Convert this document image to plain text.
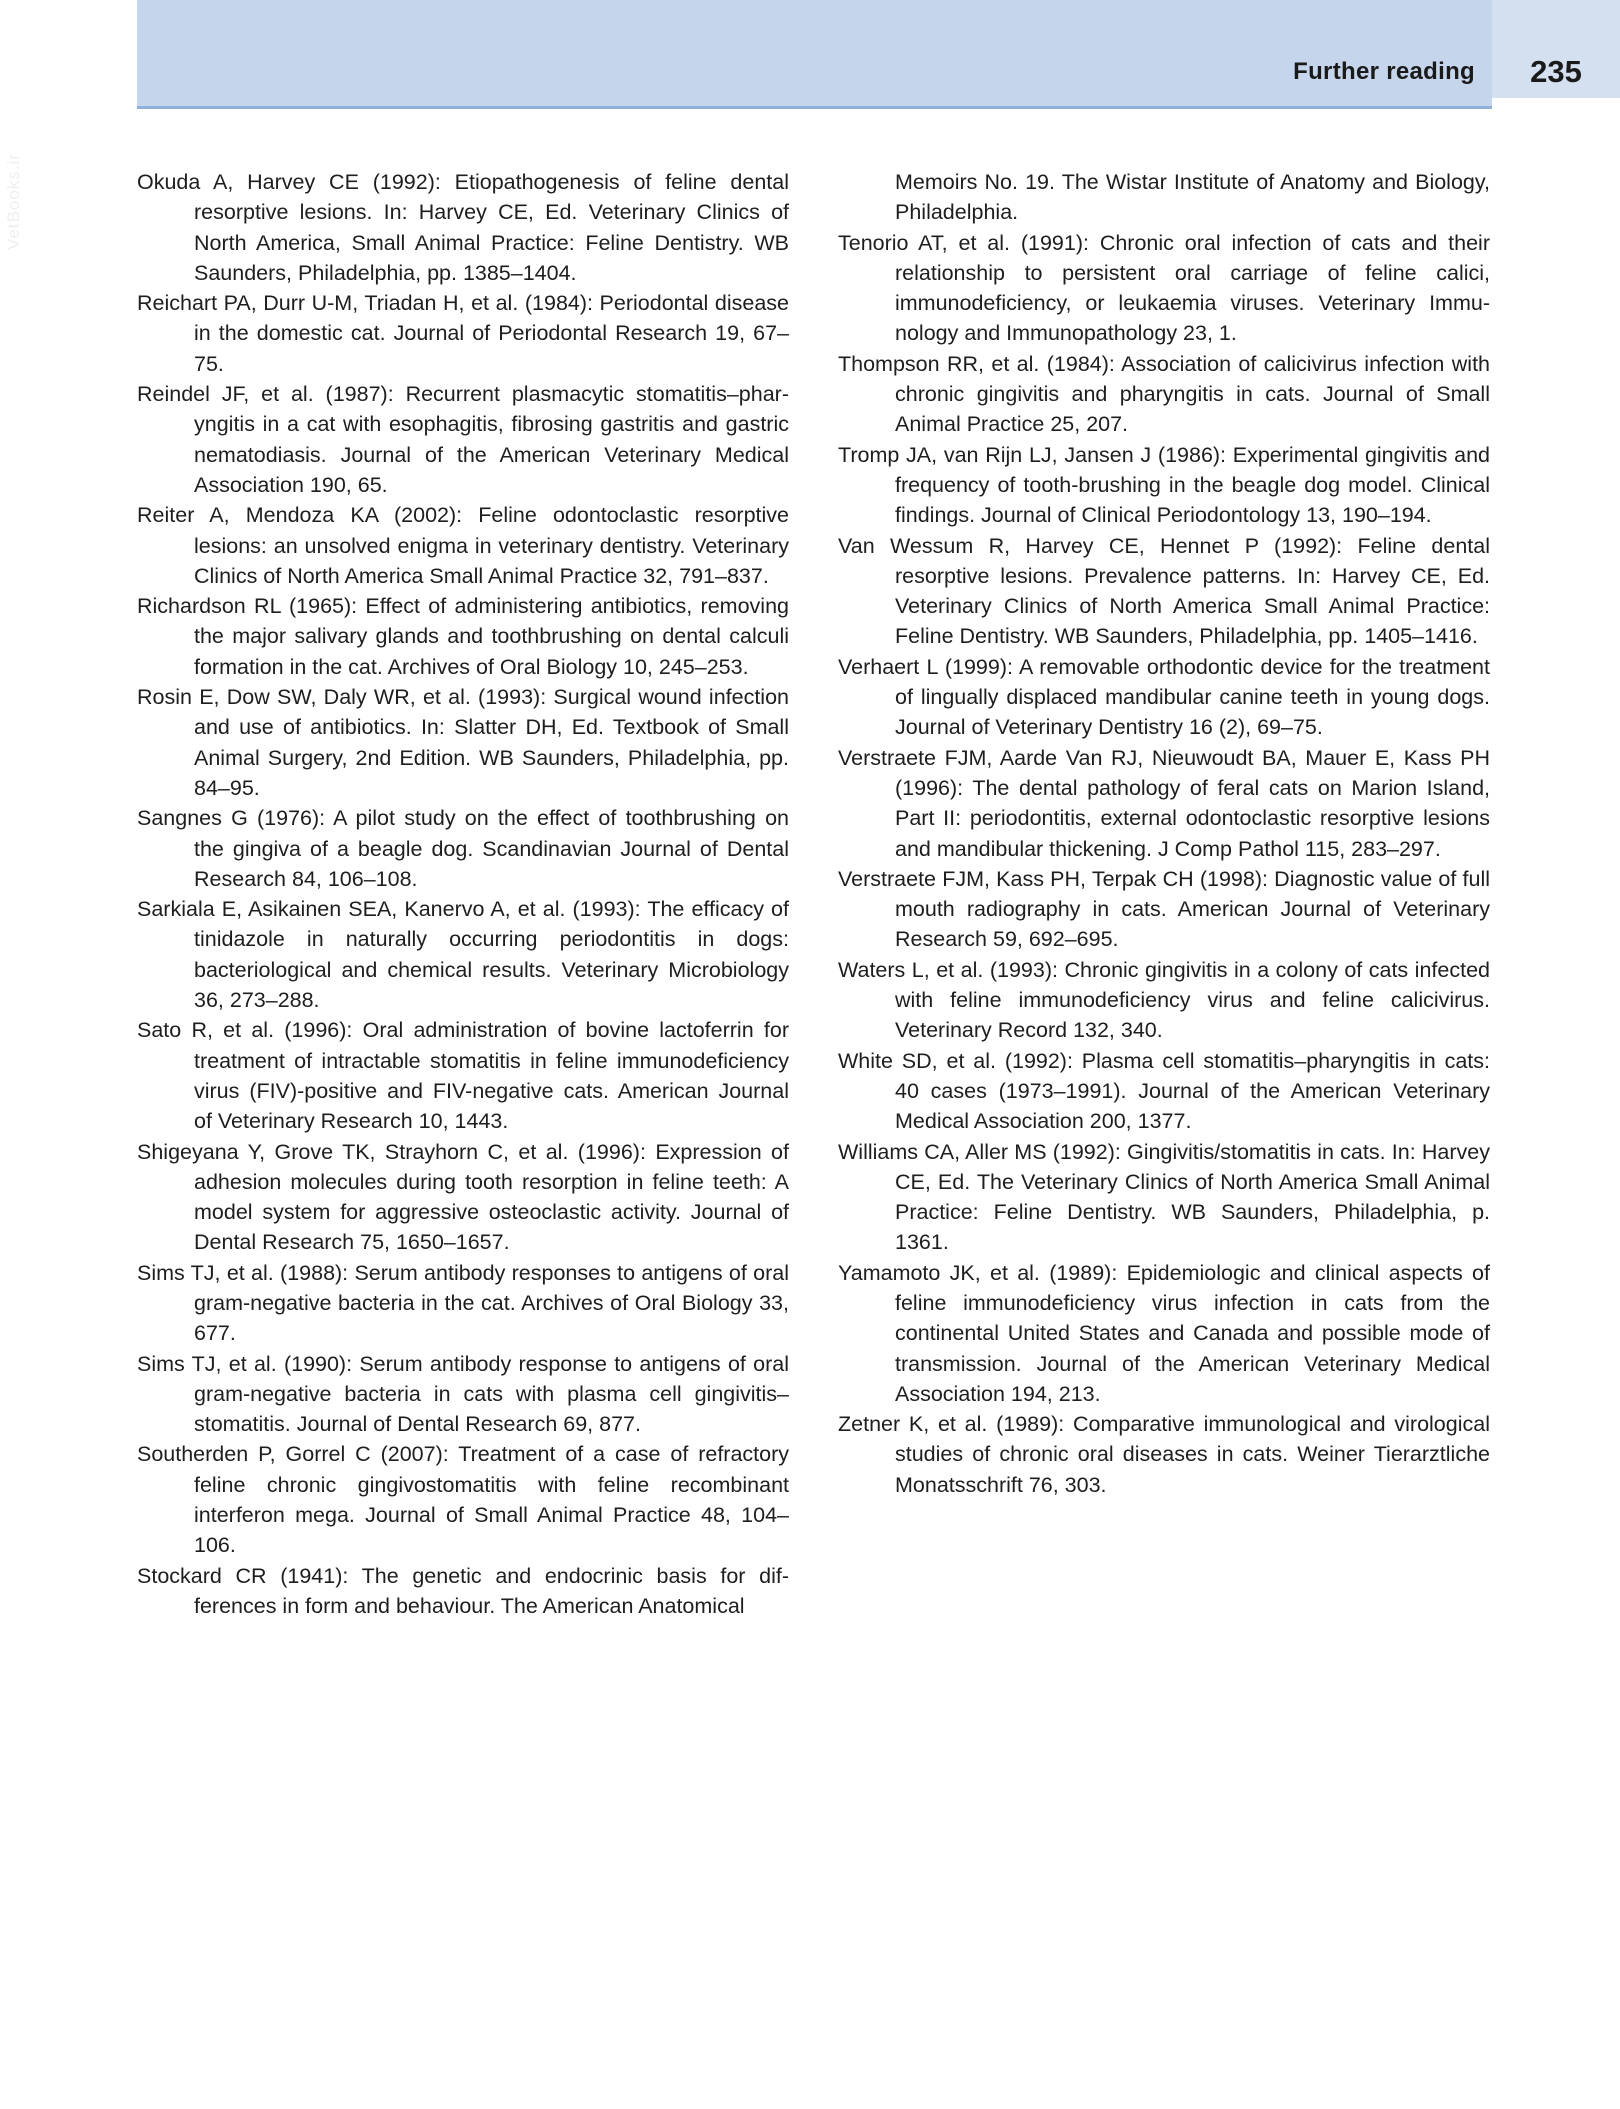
Further reading	235
VetBooks.ir	Okuda A, Harvey CE (1992): Etiopathogenesis of feline dental resorptive lesions. In: Harvey CE, Ed. Veterinary Clinics of North America, Small Animal Practice: Feline Dentistry. WB Saunders, Philadelphia, pp. 1385–1404.

Reichart PA, Durr U-M, Triadan H, et al. (1984): Periodontal disease in the domestic cat. Journal of Periodontal Research 19, 67–75.

Reindel JF, et al. (1987): Recurrent plasmacytic stomatitis–pharyngitis in a cat with esophagitis, fibrosing gastritis and gastric nematodiasis. Journal of the American Veterinary Medical Association 190, 65.

Reiter A, Mendoza KA (2002): Feline odontoclastic resorptive lesions: an unsolved enigma in veterinary dentistry. Veterinary Clinics of North America Small Animal Practice 32, 791–837.

Richardson RL (1965): Effect of administering antibiotics, removing the major salivary glands and toothbrushing on dental calculi formation in the cat. Archives of Oral Biology 10, 245–253.

Rosin E, Dow SW, Daly WR, et al. (1993): Surgical wound infection and use of antibiotics. In: Slatter DH, Ed. Textbook of Small Animal Surgery, 2nd Edition. WB Saunders, Philadelphia, pp. 84–95.

Sangnes G (1976): A pilot study on the effect of toothbrushing on the gingiva of a beagle dog. Scandinavian Journal of Dental Research 84, 106–108.

Sarkiala E, Asikainen SEA, Kanervo A, et al. (1993): The efficacy of tinidazole in naturally occurring periodontitis in dogs: bacteriological and chemical results. Veterinary Microbiology 36, 273–288.

Sato R, et al. (1996): Oral administration of bovine lactoferrin for treatment of intractable stomatitis in feline immunodeficiency virus (FIV)-positive and FIV-negative cats. American Journal of Veterinary Research 10, 1443.

Shigeyana Y, Grove TK, Strayhorn C, et al. (1996): Expression of adhesion molecules during tooth resorption in feline teeth: A model system for aggressive osteoclastic activity. Journal of Dental Research 75, 1650–1657.

Sims TJ, et al. (1988): Serum antibody responses to antigens of oral gram-negative bacteria in the cat. Archives of Oral Biology 33, 677.

Sims TJ, et al. (1990): Serum antibody response to antigens of oral gram-negative bacteria in cats with plasma cell gingivitis–stomatitis. Journal of Dental Research 69, 877.

Southerden P, Gorrel C (2007): Treatment of a case of refractory feline chronic gingivostomatitis with feline recombinant interferon mega. Journal of Small Animal Practice 48, 104–106.

Stockard CR (1941): The genetic and endocrinic basis for differences in form and behaviour. The American Anatomical

Memoirs No. 19. The Wistar Institute of Anatomy and Biology, Philadelphia.

Tenorio AT, et al. (1991): Chronic oral infection of cats and their relationship to persistent oral carriage of feline calici, immunodeficiency, or leukaemia viruses. Veterinary Immunology and Immunopathology 23, 1.

Thompson RR, et al. (1984): Association of calicivirus infection with chronic gingivitis and pharyngitis in cats. Journal of Small Animal Practice 25, 207.

Tromp JA, van Rijn LJ, Jansen J (1986): Experimental gingivitis and frequency of tooth-brushing in the beagle dog model. Clinical findings. Journal of Clinical Periodontology 13, 190–194.

Van Wessum R, Harvey CE, Hennet P (1992): Feline dental resorptive lesions. Prevalence patterns. In: Harvey CE, Ed. Veterinary Clinics of North America Small Animal Practice: Feline Dentistry. WB Saunders, Philadelphia, pp. 1405–1416.

Verhaert L (1999): A removable orthodontic device for the treatment of lingually displaced mandibular canine teeth in young dogs. Journal of Veterinary Dentistry 16 (2), 69–75.

Verstraete FJM, Aarde Van RJ, Nieuwoudt BA, Mauer E, Kass PH (1996): The dental pathology of feral cats on Marion Island, Part II: periodontitis, external odontoclastic resorptive lesions and mandibular thickening. J Comp Pathol 115, 283–297.

Verstraete FJM, Kass PH, Terpak CH (1998): Diagnostic value of full mouth radiography in cats. American Journal of Veterinary Research 59, 692–695.

Waters L, et al. (1993): Chronic gingivitis in a colony of cats infected with feline immunodeficiency virus and feline calicivirus. Veterinary Record 132, 340.

White SD, et al. (1992): Plasma cell stomatitis–pharyngitis in cats: 40 cases (1973–1991). Journal of the American Veterinary Medical Association 200, 1377.

Williams CA, Aller MS (1992): Gingivitis/stomatitis in cats. In: Harvey CE, Ed. The Veterinary Clinics of North America Small Animal Practice: Feline Dentistry. WB Saunders, Philadelphia, p. 1361.

Yamamoto JK, et al. (1989): Epidemiologic and clinical aspects of feline immunodeficiency virus infection in cats from the continental United States and Canada and possible mode of transmission. Journal of the American Veterinary Medical Association 194, 213.

Zetner K, et al. (1989): Comparative immunological and virological studies of chronic oral diseases in cats. Weiner Tierarztliche Monatsschrift 76, 303.
